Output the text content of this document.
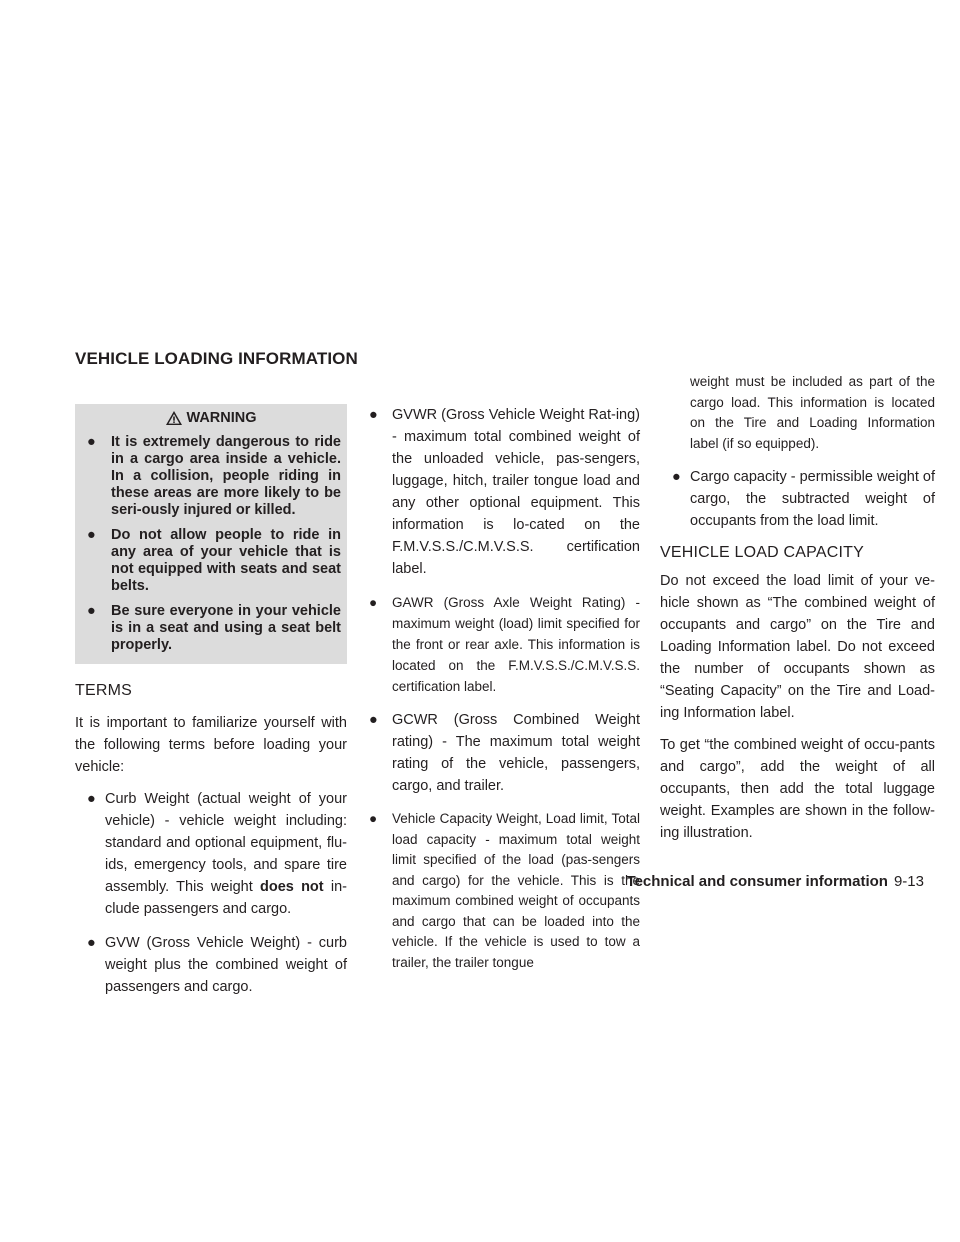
VEHICLE LOADING INFORMATION
WARNING
● It is extremely dangerous to ride in a cargo area inside a vehicle. In a collision, people riding in these areas are more likely to be seri-ously injured or killed.
● Do not allow people to ride in any area of your vehicle that is not equipped with seats and seat belts.
● Be sure everyone in your vehicle is in a seat and using a seat belt properly.
TERMS

It is important to familiarize yourself with the following terms before loading your vehicle:

● Curb Weight (actual weight of your vehicle) - vehicle weight including: standard and optional equipment, flu-ids, emergency tools, and spare tire assembly. This weight does not in-clude passengers and cargo.
● GVW (Gross Vehicle Weight) - curb weight plus the combined weight of passengers and cargo.
● GVWR (Gross Vehicle Weight Rat-ing) - maximum total combined weight of the unloaded vehicle, pas-sengers, luggage, hitch, trailer tongue load and any other optional equipment. This information is lo-cated on the F.M.V.S.S./C.M.V.S.S. certification label.
● GAWR (Gross Axle Weight Rating) - maximum weight (load) limit specified for the front or rear axle. This information is located on the F.M.V.S.S./C.M.V.S.S. certification label.
● GCWR (Gross Combined Weight rating) - The maximum total weight rating of the vehicle, passengers, cargo, and trailer.
● Vehicle Capacity Weight, Load limit, Total load capacity - maximum total weight limit specified of the load (pas-sengers and cargo) for the vehicle. This is the maximum combined weight of occupants and cargo that can be loaded into the vehicle. If the vehicle is used to tow a trailer, the trailer tongue
weight must be included as part of the cargo load. This information is located on the Tire and Loading Information label (if so equipped).
● Cargo capacity - permissible weight of cargo, the subtracted weight of occupants from the load limit.
VEHICLE LOAD CAPACITY

Do not exceed the load limit of your ve-hicle shown as “The combined weight of occupants and cargo” on the Tire and Loading Information label. Do not exceed the number of occupants shown as “Seating Capacity” on the Tire and Load-ing Information label.

To get “the combined weight of occu-pants and cargo”, add the weight of all occupants, then add the total luggage weight. Examples are shown in the follow-ing illustration.

Technical and consumer information 9-13
